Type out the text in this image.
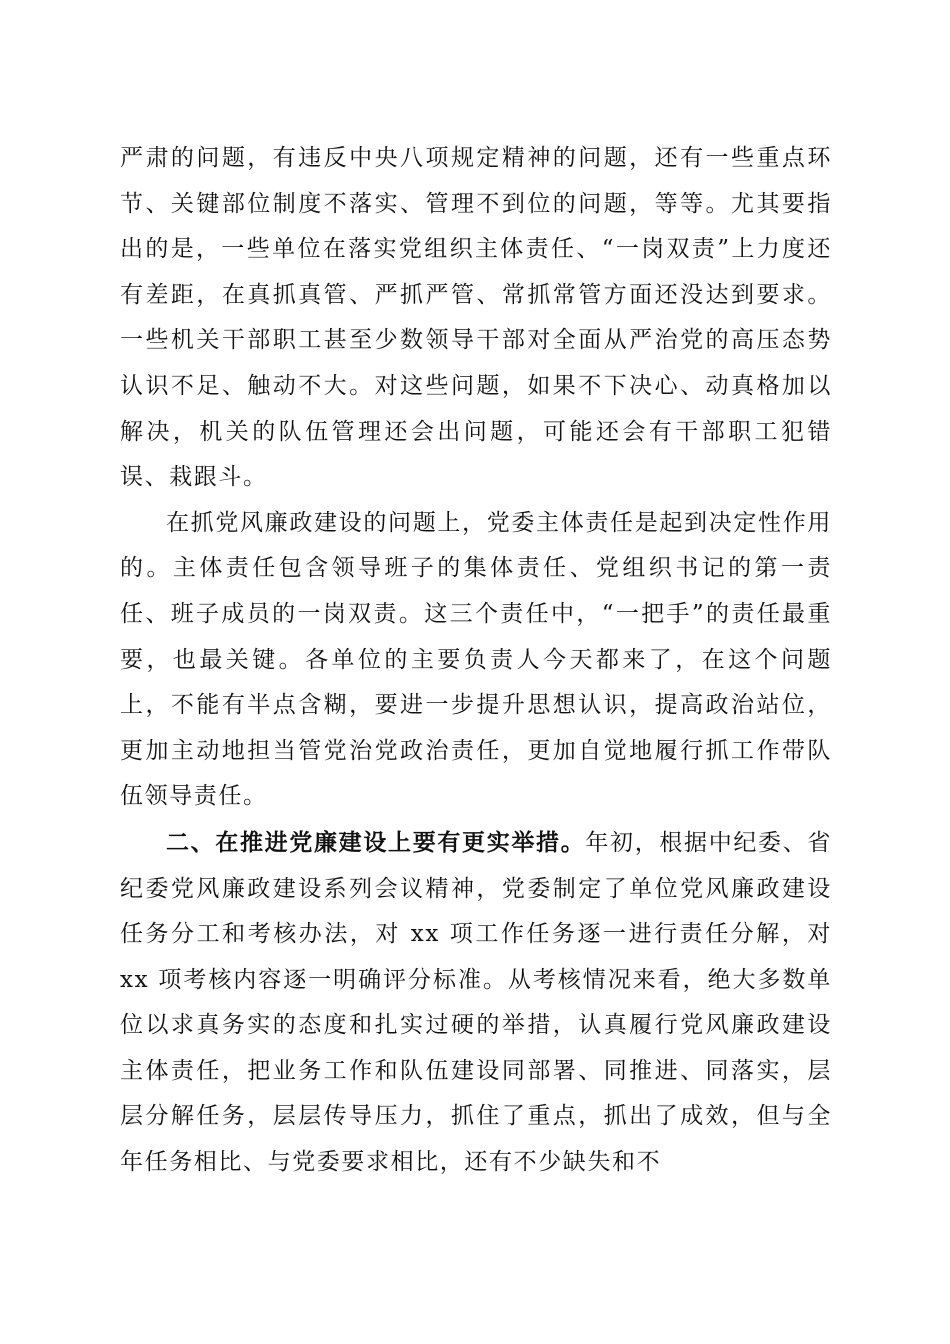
严肃的问题，有违反中央八项规定精神的问题，还有一些重点环节、关键部位制度不落实、管理不到位的问题，等等。尤其要指出的是，一些单位在落实党组织主体责任、“一岗双责”上力度还有差距，在真抓真管、严抓严管、常抓常管方面还没达到要求。一些机关干部职工甚至少数领导干部对全面从严治党的高压态势认识不足、触动不大。对这些问题，如果不下决心、动真格加以解决，机关的队伍管理还会出问题，可能还会有干部职工犯错误、栽跟斗。

在抓党风廉政建设的问题上，党委主体责任是起到决定性作用的。主体责任包含领导班子的集体责任、党组织书记的第一责任、班子成员的一岗双责。这三个责任中，“一把手”的责任最重要，也最关键。各单位的主要负责人今天都来了，在这个问题上，不能有半点含糊，要进一步提升思想认识，提高政治站位，更加主动地担当管党治党政治责任，更加自觉地履行抓工作带队伍领导责任。

二、在推进党廉建设上要有更实举措。年初，根据中纪委、省纪委党风廉政建设系列会议精神，党委制定了单位党风廉政建设任务分工和考核办法，对 xx 项工作任务逐一进行责任分解，对 xx 项考核内容逐一明确评分标准。从考核情况来看，绝大多数单位以求真务实的态度和扎实过硬的举措，认真履行党风廉政建设主体责任，把业务工作和队伍建设同部署、同推进、同落实，层层分解任务，层层传导压力，抓住了重点，抓出了成效，但与全年任务相比、与党委要求相比，还有不少缺失和不
